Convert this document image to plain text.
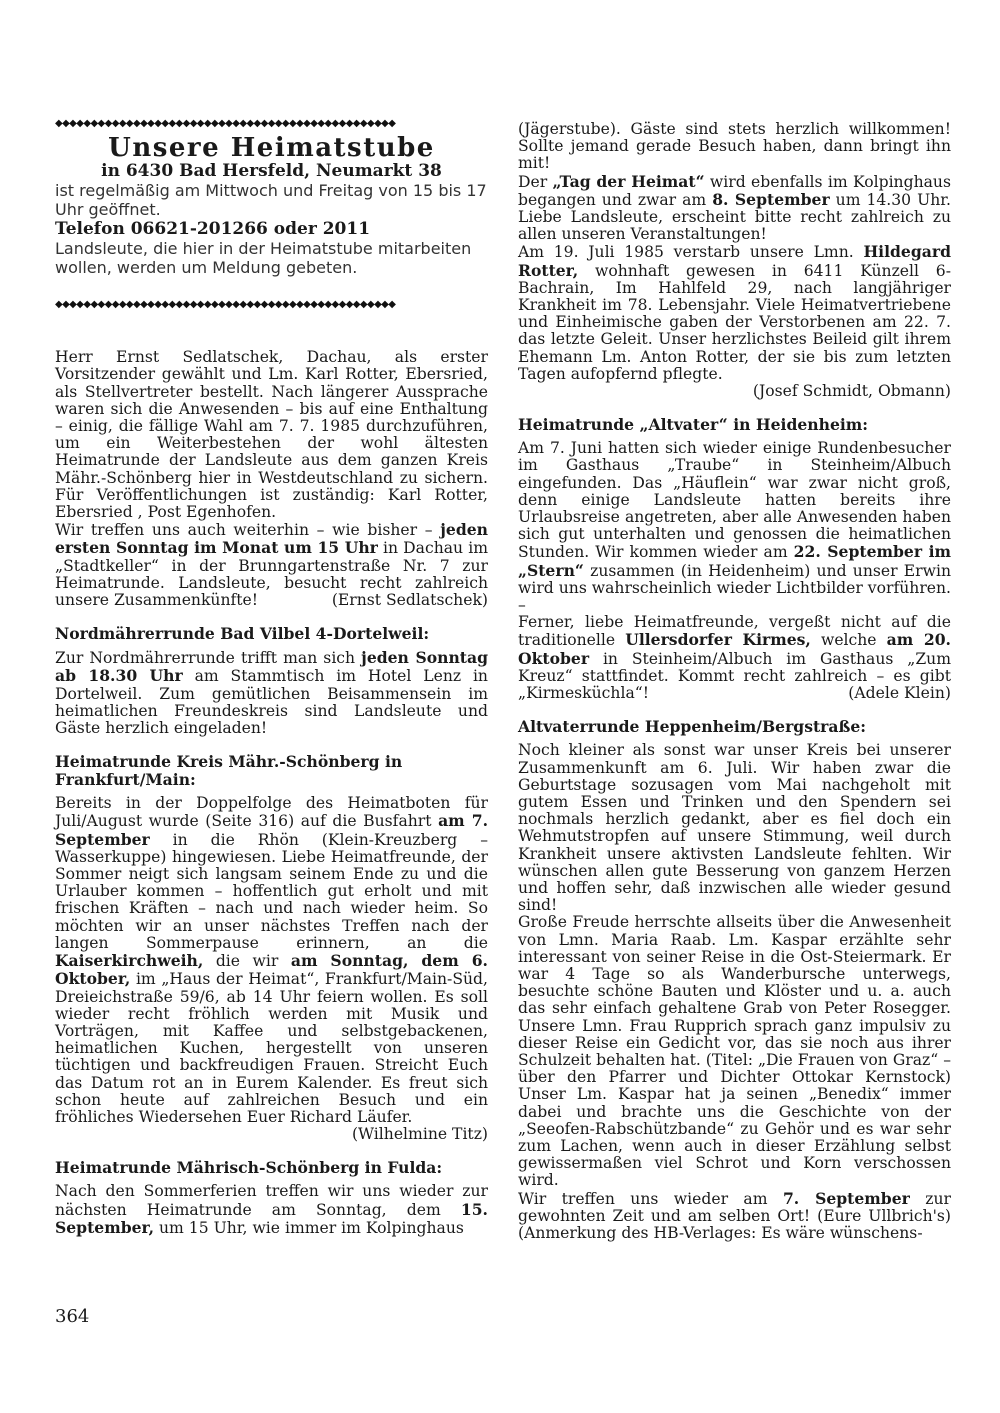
◆◆◆◆◆◆◆◆◆◆◆◆◆◆◆◆◆◆◆◆◆◆◆◆◆◆◆◆◆◆◆◆◆◆◆◆◆◆◆◆◆◆◆◆◆◆◆◆
Unsere Heimatstube
in 6430 Bad Hersfeld, Neumarkt 38
ist regelmäßig am Mittwoch und Freitag von 15 bis 17 Uhr geöffnet.
Telefon 06621-201266 oder 2011
Landsleute, die hier in der Heimatstube mitarbeiten wollen, werden um Meldung gebeten.
◆◆◆◆◆◆◆◆◆◆◆◆◆◆◆◆◆◆◆◆◆◆◆◆◆◆◆◆◆◆◆◆◆◆◆◆◆◆◆◆◆◆◆◆◆◆◆◆

Herr Ernst Sedlatschek, Dachau, als erster Vorsitzender gewählt und Lm. Karl Rotter, Ebersried, als Stellvertreter bestellt. Nach längerer Aussprache waren sich die Anwesenden – bis auf eine Enthaltung – einig, die fällige Wahl am 7. 7. 1985 durchzuführen, um ein Weiterbestehen der wohl ältesten Heimatrunde der Landsleute aus dem ganzen Kreis Mähr.-Schönberg hier in Westdeutschland zu sichern. Für Veröffentlichungen ist zuständig: Karl Rotter, Ebersried , Post Egenhofen.

Wir treffen uns auch weiterhin – wie bisher – jeden ersten Sonntag im Monat um 15 Uhr in Dachau im „Stadtkeller“ in der Brunngartenstraße Nr. 7 zur Heimatrunde. Landsleute, besucht recht zahlreich unsere Zusammenkünfte!	(Ernst Sedlatschek)

Nordmährerrunde Bad Vilbel 4-Dortelweil:

Zur Nordmährerrunde trifft man sich jeden Sonntag ab 18.30 Uhr am Stammtisch im Hotel Lenz in Dortelweil. Zum gemütlichen Beisammensein im heimatlichen Freundeskreis sind Landsleute und Gäste herzlich eingeladen!

Heimatrunde Kreis Mähr.-Schönberg in Frankfurt/Main:

Bereits in der Doppelfolge des Heimatboten für Juli/August wurde (Seite 316) auf die Busfahrt am 7. September in die Rhön (Klein-Kreuzberg – Wasserkuppe) hingewiesen. Liebe Heimatfreunde, der Sommer neigt sich langsam seinem Ende zu und die Urlauber kommen – hoffentlich gut erholt und mit frischen Kräften – nach und nach wieder heim. So möchten wir an unser nächstes Treffen nach der langen Sommerpause erinnern, an die Kaiserkirchweih, die wir am Sonntag, dem 6. Oktober, im „Haus der Heimat“, Frankfurt/Main-Süd, Dreieichstraße 59/6, ab 14 Uhr feiern wollen. Es soll wieder recht fröhlich werden mit Musik und Vorträgen, mit Kaffee und selbstgebackenen, heimatlichen Kuchen, hergestellt von unseren tüchtigen und backfreudigen Frauen. Streicht Euch das Datum rot an in Eurem Kalender. Es freut sich schon heute auf zahlreichen Besuch und ein fröhliches Wiedersehen Euer Richard Läufer.
(Wilhelmine Titz)

Heimatrunde Mährisch-Schönberg in Fulda:

Nach den Sommerferien treffen wir uns wieder zur nächsten Heimatrunde am Sonntag, dem 15. September, um 15 Uhr, wie immer im Kolpinghaus

(Jägerstube). Gäste sind stets herzlich willkommen! Sollte jemand gerade Besuch haben, dann bringt ihn mit!

Der „Tag der Heimat“ wird ebenfalls im Kolpinghaus begangen und zwar am 8. September um 14.30 Uhr. Liebe Landsleute, erscheint bitte recht zahlreich zu allen unseren Veranstaltungen!

Am 19. Juli 1985 verstarb unsere Lmn. Hildegard Rotter, wohnhaft gewesen in 6411 Künzell 6-Bachrain, Im Hahlfeld 29, nach langjähriger Krankheit im 78. Lebensjahr. Viele Heimatvertriebene und Einheimische gaben der Verstorbenen am 22. 7. das letzte Geleit. Unser herzlichstes Beileid gilt ihrem Ehemann Lm. Anton Rotter, der sie bis zum letzten Tagen aufopfernd pflegte.

(Josef Schmidt, Obmann)

Heimatrunde „Altvater“ in Heidenheim:

Am 7. Juni hatten sich wieder einige Rundenbesucher im Gasthaus „Traube“ in Steinheim/Albuch eingefunden. Das „Häuflein“ war zwar nicht groß, denn einige Landsleute hatten bereits ihre Urlaubsreise angetreten, aber alle Anwesenden haben sich gut unterhalten und genossen die heimatlichen Stunden. Wir kommen wieder am 22. September im „Stern“ zusammen (in Heidenheim) und unser Erwin wird uns wahrscheinlich wieder Lichtbilder vorführen. –

Ferner, liebe Heimatfreunde, vergeßt nicht auf die traditionelle Ullersdorfer Kirmes, welche am 20. Oktober in Steinheim/Albuch im Gasthaus „Zum Kreuz“ stattfindet. Kommt recht zahlreich – es gibt „Kirmesküchla“!	(Adele Klein)

Altvaterrunde Heppenheim/Bergstraße:

Noch kleiner als sonst war unser Kreis bei unserer Zusammenkunft am 6. Juli. Wir haben zwar die Geburtstage sozusagen vom Mai nachgeholt mit gutem Essen und Trinken und den Spendern sei nochmals herzlich gedankt, aber es fiel doch ein Wehmutstropfen auf unsere Stimmung, weil durch Krankheit unsere aktivsten Landsleute fehlten. Wir wünschen allen gute Besserung von ganzem Herzen und hoffen sehr, daß inzwischen alle wieder gesund sind!

Große Freude herrschte allseits über die Anwesenheit von Lmn. Maria Raab. Lm. Kaspar erzählte sehr interessant von seiner Reise in die Ost-Steiermark. Er war 4 Tage so als Wanderbursche unterwegs, besuchte schöne Bauten und Klöster und u. a. auch das sehr einfach gehaltene Grab von Peter Rosegger. Unsere Lmn. Frau Rupprich sprach ganz impulsiv zu dieser Reise ein Gedicht vor, das sie noch aus ihrer Schulzeit behalten hat. (Titel: „Die Frauen von Graz“ – über den Pfarrer und Dichter Ottokar Kernstock) Unser Lm. Kaspar hat ja seinen „Benedix“ immer dabei und brachte uns die Geschichte von der „Seeofen-Rabschützbande“ zu Gehör und es war sehr zum Lachen, wenn auch in dieser Erzählung selbst gewissermaßen viel Schrot und Korn verschossen wird.

Wir treffen uns wieder am 7. September zur gewohnten Zeit und am selben Ort! (Eure Ullbrich's) (Anmerkung des HB-Verlages: Es wäre wünschens-

364
